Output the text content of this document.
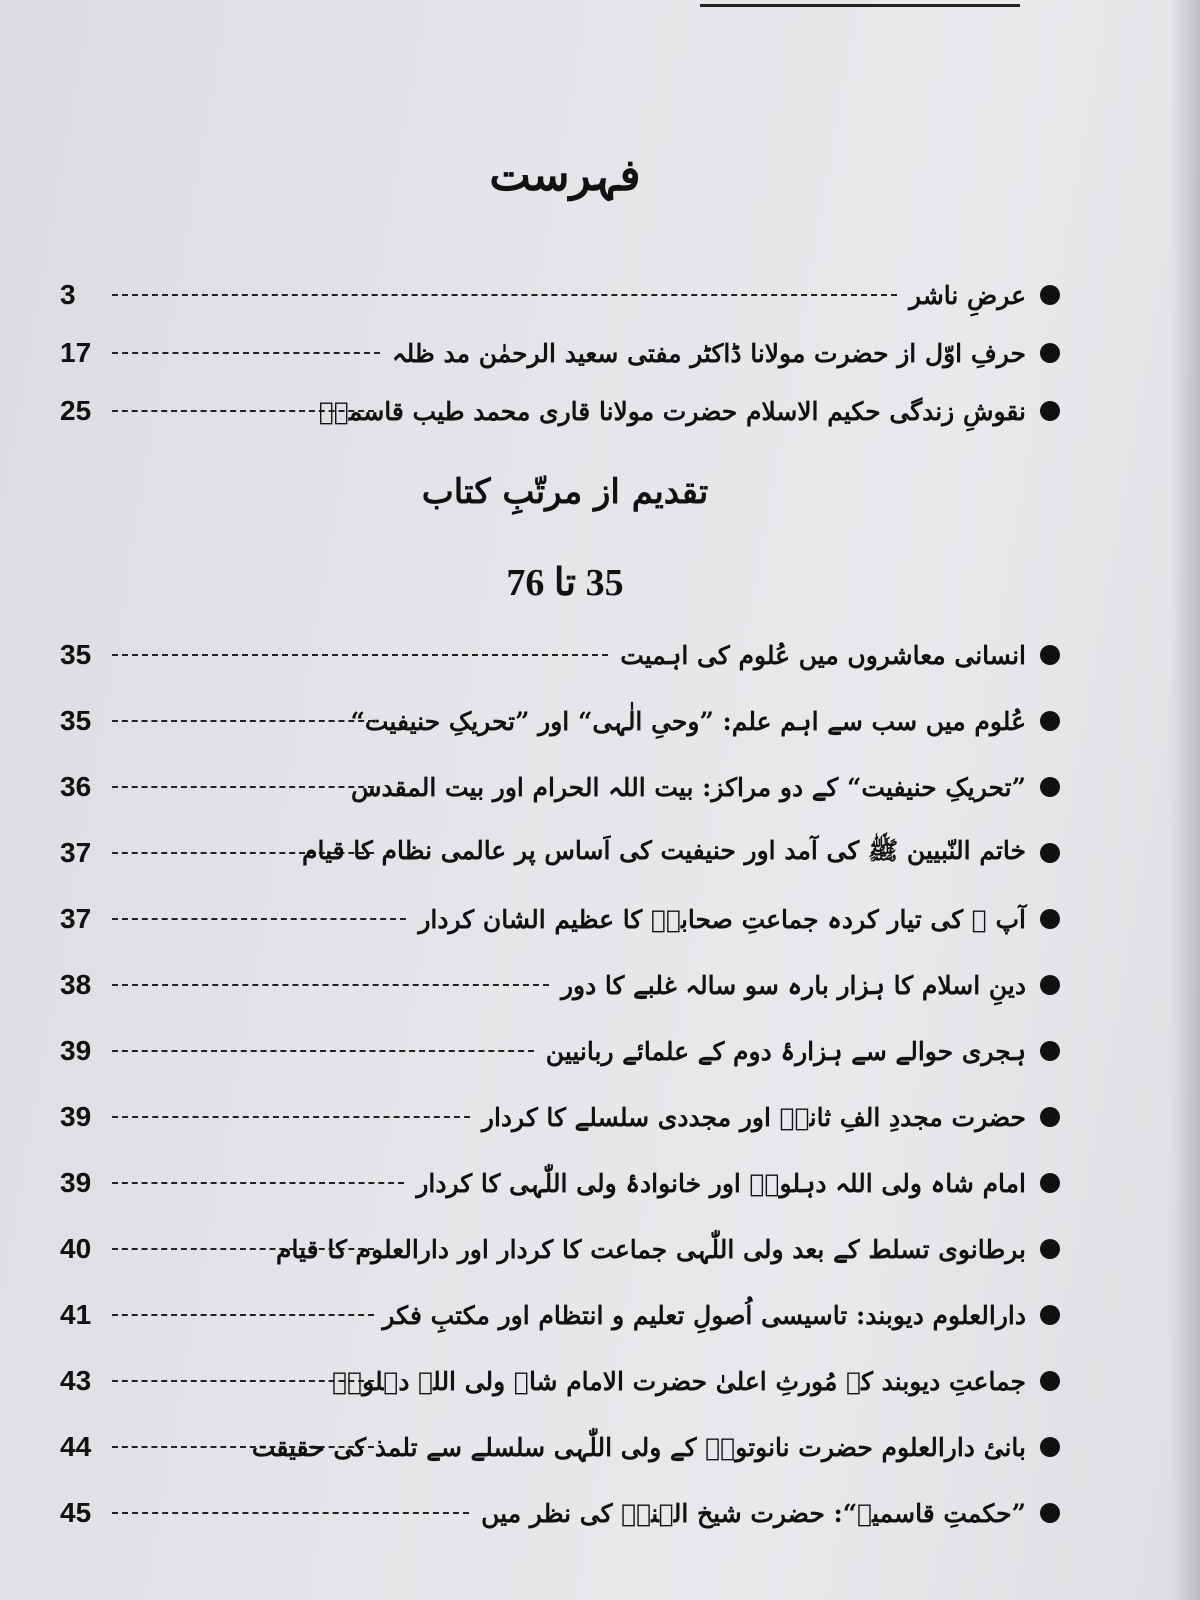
فہرست
عرضِ ناشر
3
حرفِ اوّل از حضرت مولانا ڈاکٹر مفتی سعید الرحمٰن مد ظلہ
17
نقوشِ زندگی حکیم الاسلام حضرت مولانا قاری محمد طیب قاسمیؒ
25
تقدیم از مرتّبِ کتاب
35 تا 76
انسانی معاشروں میں عُلوم کی اہمیت
35
عُلوم میں سب سے اہم علم: ”وحیِ الٰہی“ اور ”تحریکِ حنیفیت“
35
”تحریکِ حنیفیت“ کے دو مراکز: بیت اللہ الحرام اور بیت المقدس
36
خاتم النّبیین ﷺ کی آمد اور حنیفیت کی اَساس پر عالمی نظام کا قیام
37
آپ ﷺ کی تیار کردہ جماعتِ صحابہؓ کا عظیم الشان کردار
37
دینِ اسلام کا ہزار بارہ سو سالہ غلبے کا دور
38
ہجری حوالے سے ہزارۂ دوم کے علمائے ربانیین
39
حضرت مجددِ الفِ ثانیؒ اور مجددی سلسلے کا کردار
39
امام شاہ ولی اللہ دہلویؒ اور خانوادۂ ولی اللّٰہی کا کردار
39
برطانوی تسلط کے بعد ولی اللّٰہی جماعت کا کردار اور دارالعلوم کا قیام
40
دارالعلوم دیوبند: تاسیسی اُصولِ تعلیم و انتظام اور مکتبِ فکر
41
جماعتِ دیوبند کے مُورثِ اعلیٰ حضرت الامام شاہ ولی اللہ دہلویؒ
43
بانیٔ دارالعلوم حضرت نانوتویؒ کے ولی اللّٰہی سلسلے سے تلمذ کی حقیقت
44
”حکمتِ قاسمیہ“: حضرت شیخ الہندؒ کی نظر میں
45
